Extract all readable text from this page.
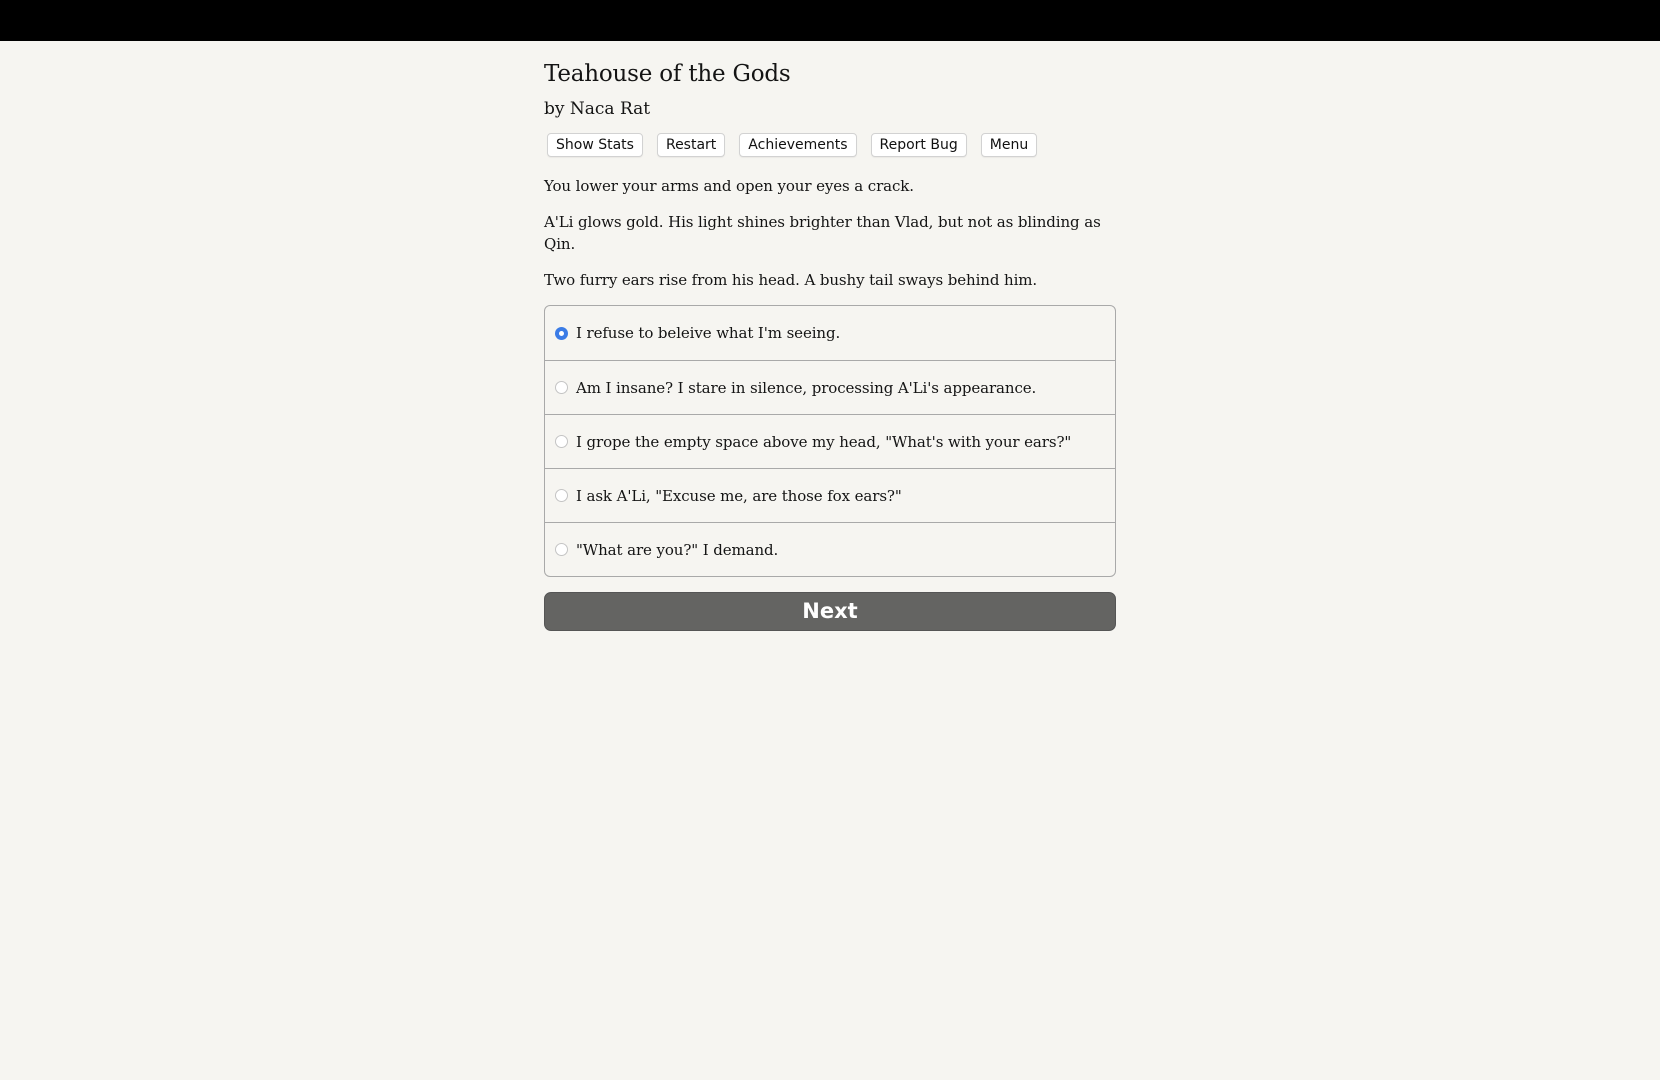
Teahouse of the Gods
by Naca Rat
Show Stats	Restart	Achievements	Report Bug	Menu

You lower your arms and open your eyes a crack.

A'Li glows gold. His light shines brighter than Vlad, but not as blinding as Qin.

Two furry ears rise from his head. A bushy tail sways behind him.

I refuse to beleive what I'm seeing.
Am I insane? I stare in silence, processing A'Li's appearance.
I grope the empty space above my head, "What's with your ears?"
I ask A'Li, "Excuse me, are those fox ears?"
"What are you?" I demand.
Next
